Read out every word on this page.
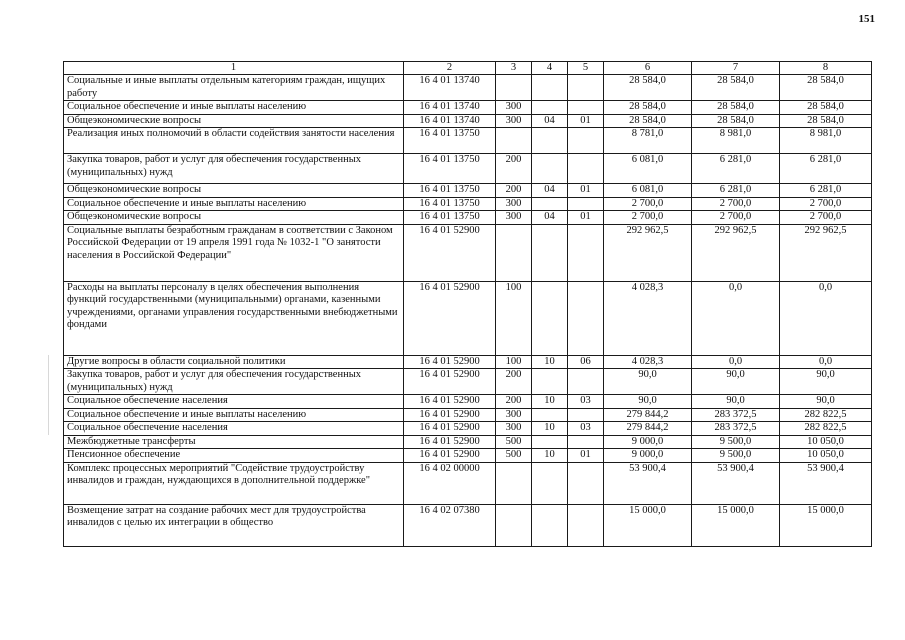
151
1	2	3	4	5	6	7	8
Социальные и иные выплаты отдельным категориям граждан, ищущих работу	16 4 01 13740				28 584,0	28 584,0	28 584,0
Социальное обеспечение и иные выплаты населению	16 4 01 13740	300			28 584,0	28 584,0	28 584,0
Общеэкономические вопросы	16 4 01 13740	300	04	01	28 584,0	28 584,0	28 584,0
Реализация иных полномочий в области содействия занятости населения	16 4 01 13750				8 781,0	8 981,0	8 981,0
Закупка товаров, работ и услуг для обеспечения государственных (муниципальных) нужд	16 4 01 13750	200			6 081,0	6 281,0	6 281,0
Общеэкономические вопросы	16 4 01 13750	200	04	01	6 081,0	6 281,0	6 281,0
Социальное обеспечение и иные выплаты населению	16 4 01 13750	300			2 700,0	2 700,0	2 700,0
Общеэкономические вопросы	16 4 01 13750	300	04	01	2 700,0	2 700,0	2 700,0
Социальные выплаты безработным гражданам в соответствии с Законом Российской Федерации от 19 апреля 1991 года № 1032-1 "О занятости населения в Российской Федерации"	16 4 01 52900				292 962,5	292 962,5	292 962,5
Расходы на выплаты персоналу в целях обеспечения выполнения функций государственными (муниципальными) органами, казенными учреждениями, органами управления государственными внебюджетными фондами	16 4 01 52900	100			4 028,3	0,0	0,0
Другие вопросы в области социальной политики	16 4 01 52900	100	10	06	4 028,3	0,0	0,0
Закупка товаров, работ и услуг для обеспечения государственных (муниципальных) нужд	16 4 01 52900	200			90,0	90,0	90,0
Социальное обеспечение населения	16 4 01 52900	200	10	03	90,0	90,0	90,0
Социальное обеспечение и иные выплаты населению	16 4 01 52900	300			279 844,2	283 372,5	282 822,5
Социальное обеспечение населения	16 4 01 52900	300	10	03	279 844,2	283 372,5	282 822,5
Межбюджетные трансферты	16 4 01 52900	500			9 000,0	9 500,0	10 050,0
Пенсионное обеспечение	16 4 01 52900	500	10	01	9 000,0	9 500,0	10 050,0
Комплекс процессных мероприятий "Содействие трудоустройству инвалидов и граждан, нуждающихся в дополнительной поддержке"	16 4 02 00000				53 900,4	53 900,4	53 900,4
Возмещение затрат на создание рабочих мест для трудоустройства инвалидов с целью их интеграции в общество	16 4 02 07380				15 000,0	15 000,0	15 000,0
